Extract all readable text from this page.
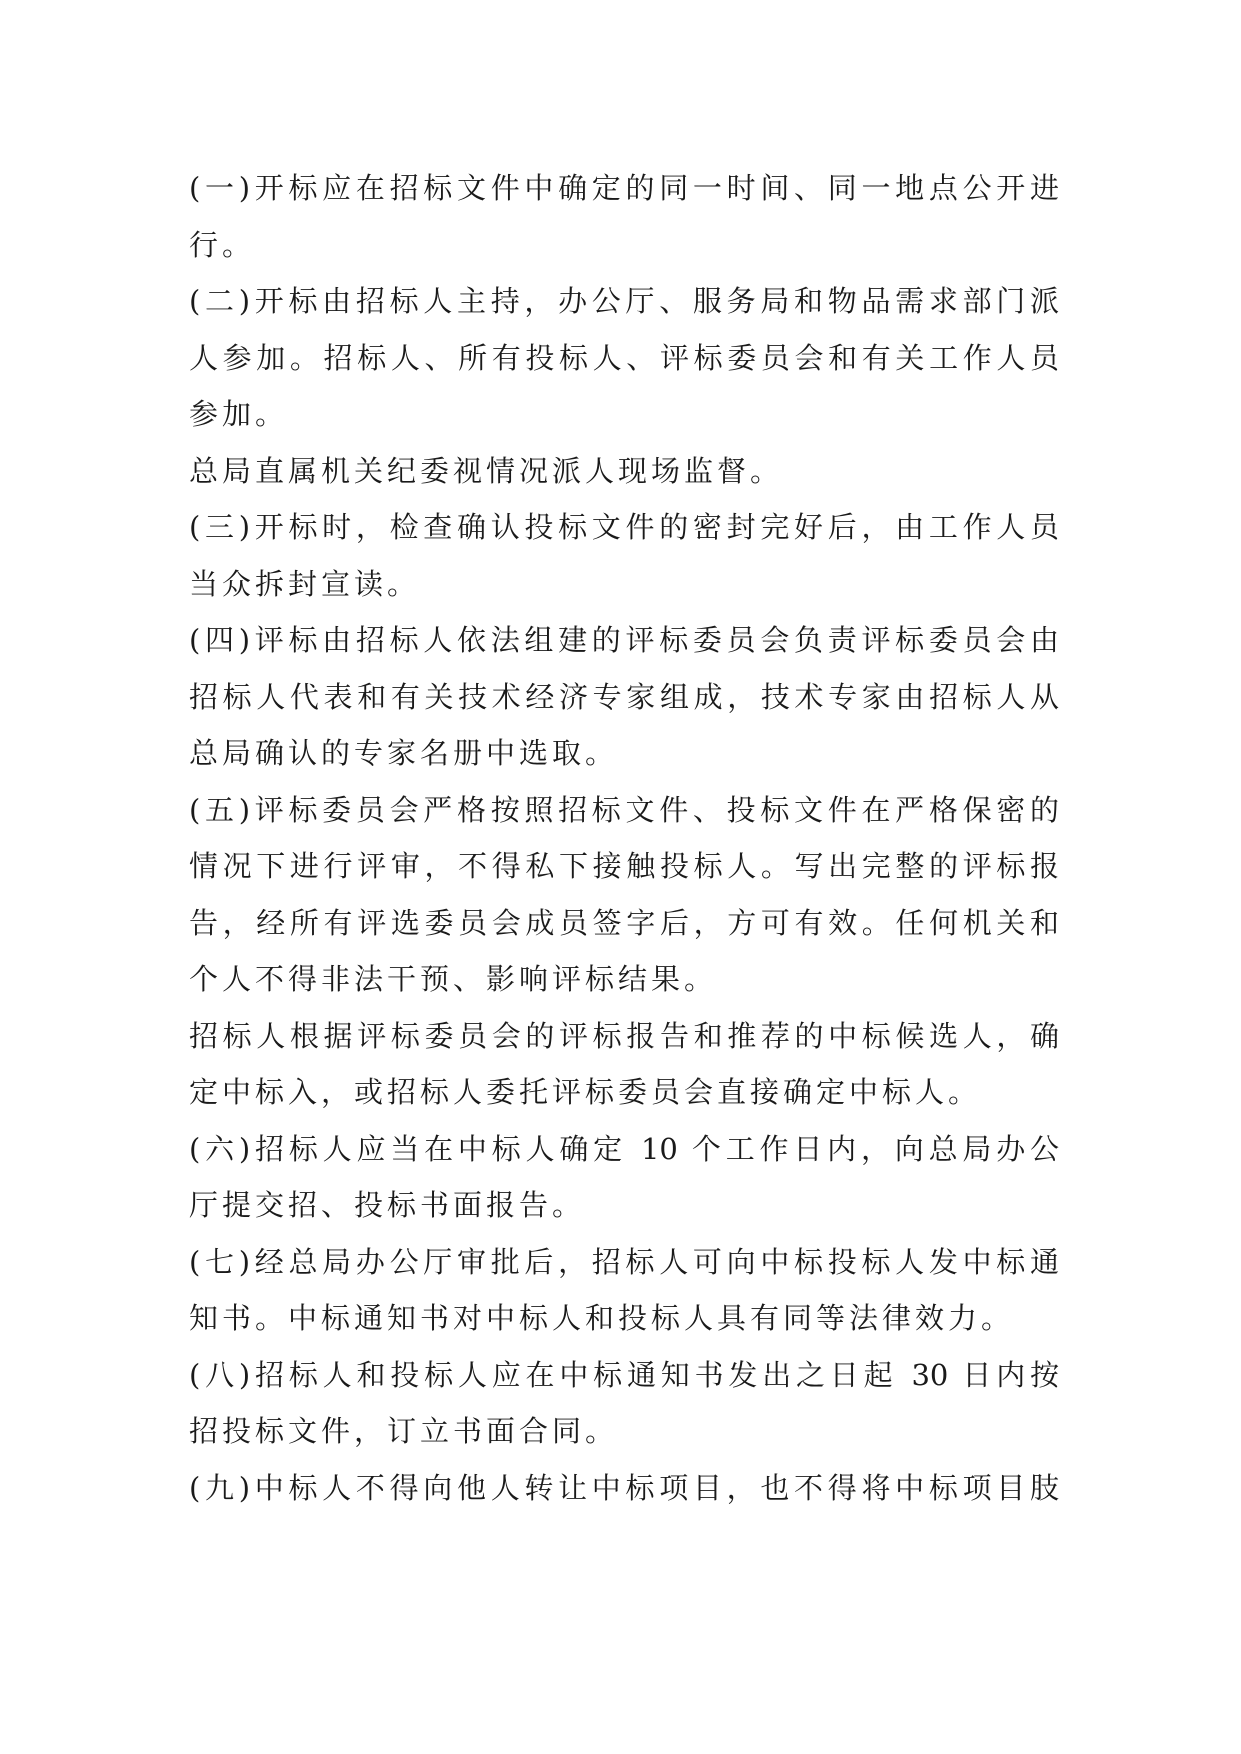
(一)开标应在招标文件中确定的同一时间、同一地点公开进
行。
(二)开标由招标人主持，办公厅、服务局和物品需求部门派
人参加。招标人、所有投标人、评标委员会和有关工作人员
参加。
总局直属机关纪委视情况派人现场监督。
(三)开标时，检查确认投标文件的密封完好后，由工作人员
当众拆封宣读。
(四)评标由招标人依法组建的评标委员会负责评标委员会由
招标人代表和有关技术经济专家组成，技术专家由招标人从
总局确认的专家名册中选取。
(五)评标委员会严格按照招标文件、投标文件在严格保密的
情况下进行评审，不得私下接触投标人。写出完整的评标报
告，经所有评选委员会成员签字后，方可有效。任何机关和
个人不得非法干预、影响评标结果。
招标人根据评标委员会的评标报告和推荐的中标候选人，确
定中标入，或招标人委托评标委员会直接确定中标人。
(六)招标人应当在中标人确定 10 个工作日内，向总局办公
厅提交招、投标书面报告。
(七)经总局办公厅审批后，招标人可向中标投标人发中标通
知书。中标通知书对中标人和投标人具有同等法律效力。
(八)招标人和投标人应在中标通知书发出之日起 30 日内按
招投标文件，订立书面合同。
(九)中标人不得向他人转让中标项目，也不得将中标项目肢
